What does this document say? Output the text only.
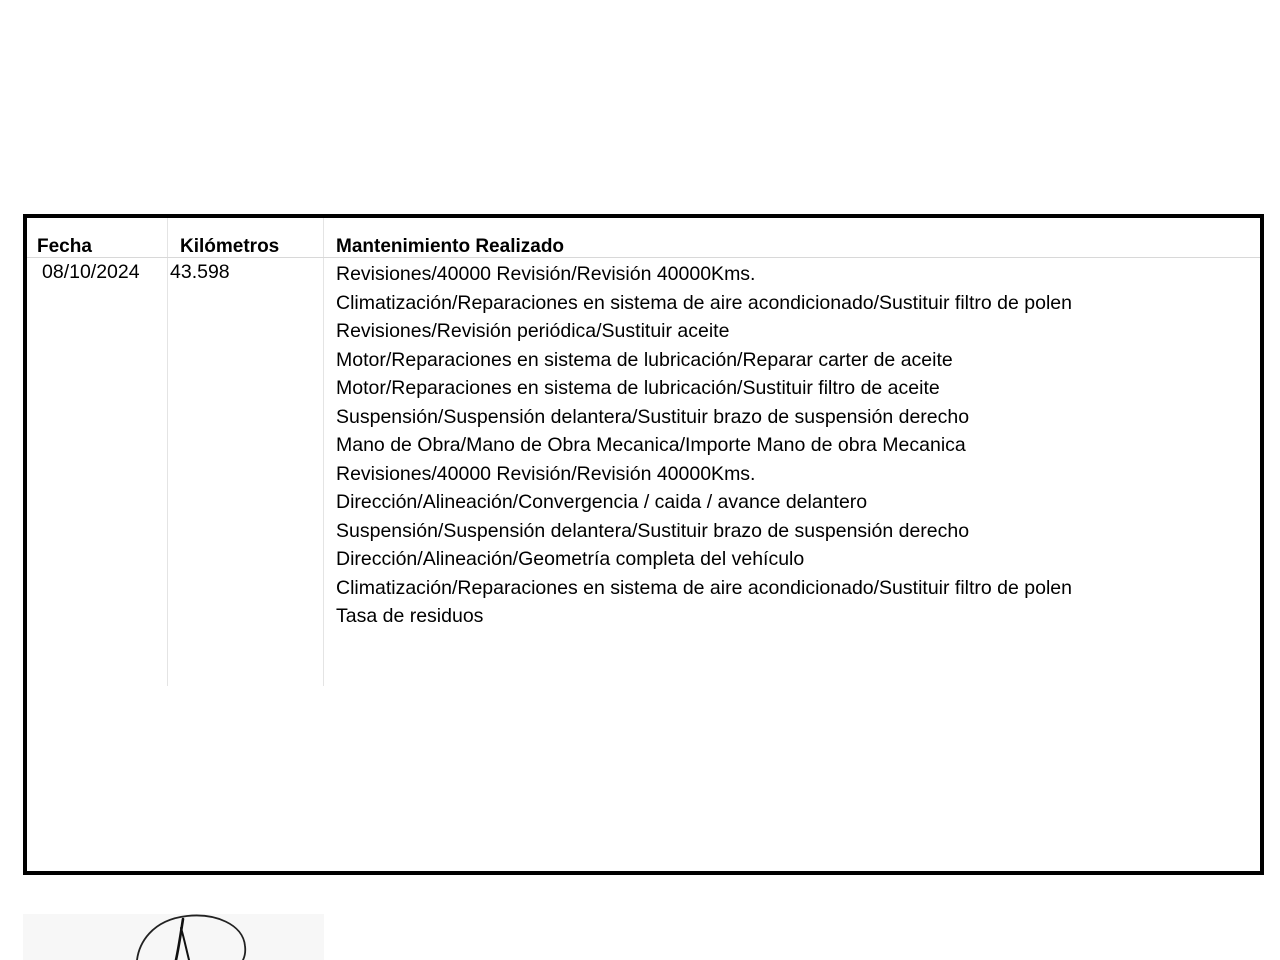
Fecha	Kilómetros	Mantenimiento Realizado
08/10/2024 43.598	Revisiones/40000 Revisión/Revisión 40000Kms.
Climatización/Reparaciones en sistema de aire acondicionado/Sustituir filtro de polen
Revisiones/Revisión periódica/Sustituir aceite
Motor/Reparaciones en sistema de lubricación/Reparar carter de aceite
Motor/Reparaciones en sistema de lubricación/Sustituir filtro de aceite
Suspensión/Suspensión delantera/Sustituir brazo de suspensión derecho
Mano de Obra/Mano de Obra Mecanica/Importe Mano de obra Mecanica
Revisiones/40000 Revisión/Revisión 40000Kms.
Dirección/Alineación/Convergencia / caida / avance delantero
Suspensión/Suspensión delantera/Sustituir brazo de suspensión derecho
Dirección/Alineación/Geometría completa del vehículo
Climatización/Reparaciones en sistema de aire acondicionado/Sustituir filtro de polen
Tasa de residuos
